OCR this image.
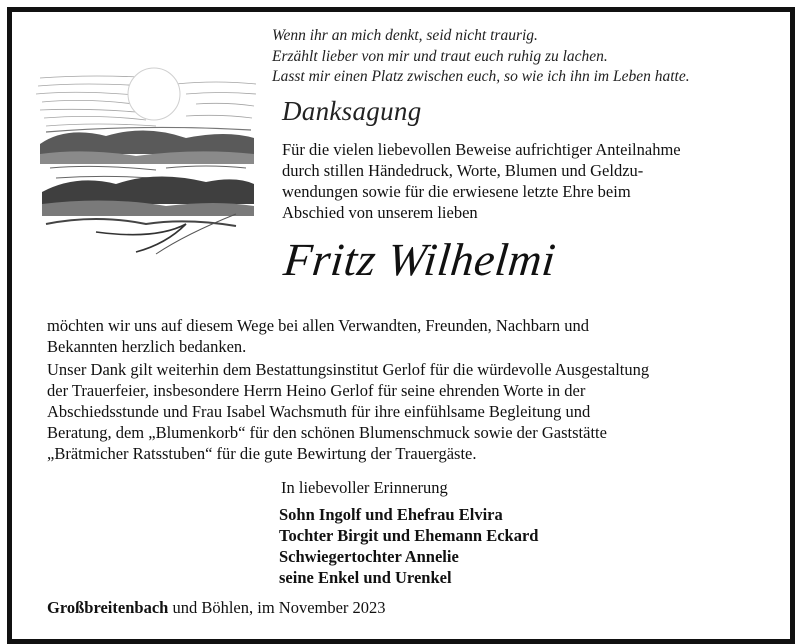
Wenn ihr an mich denkt, seid nicht traurig.
Erzählt lieber von mir und traut euch ruhig zu lachen.
Lasst mir einen Platz zwischen euch, so wie ich ihn im Leben hatte.
Danksagung
Für die vielen liebevollen Beweise aufrichtiger Anteilnahme
durch stillen Händedruck, Worte, Blumen und Geldzu-
wendungen sowie für die erwiesene letzte Ehre beim
Abschied von unserem lieben
Fritz Wilhelmi
möchten wir uns auf diesem Wege bei allen Verwandten, Freunden, Nachbarn und
Bekannten herzlich bedanken.
Unser Dank gilt weiterhin dem Bestattungsinstitut Gerlof für die würdevolle Ausgestaltung
der Trauerfeier, insbesondere Herrn Heino Gerlof für seine ehrenden Worte in der
Abschiedsstunde und Frau Isabel Wachsmuth für ihre einfühlsame Begleitung und
Beratung, dem „Blumenkorb“ für den schönen Blumenschmuck sowie der Gaststätte
„Brätmicher Ratsstuben“ für die gute Bewirtung der Trauergäste.
In liebevoller Erinnerung
Sohn Ingolf und Ehefrau Elvira
Tochter Birgit und Ehemann Eckard
Schwiegertochter Annelie
seine Enkel und Urenkel
Großbreitenbach und Böhlen, im November 2023
